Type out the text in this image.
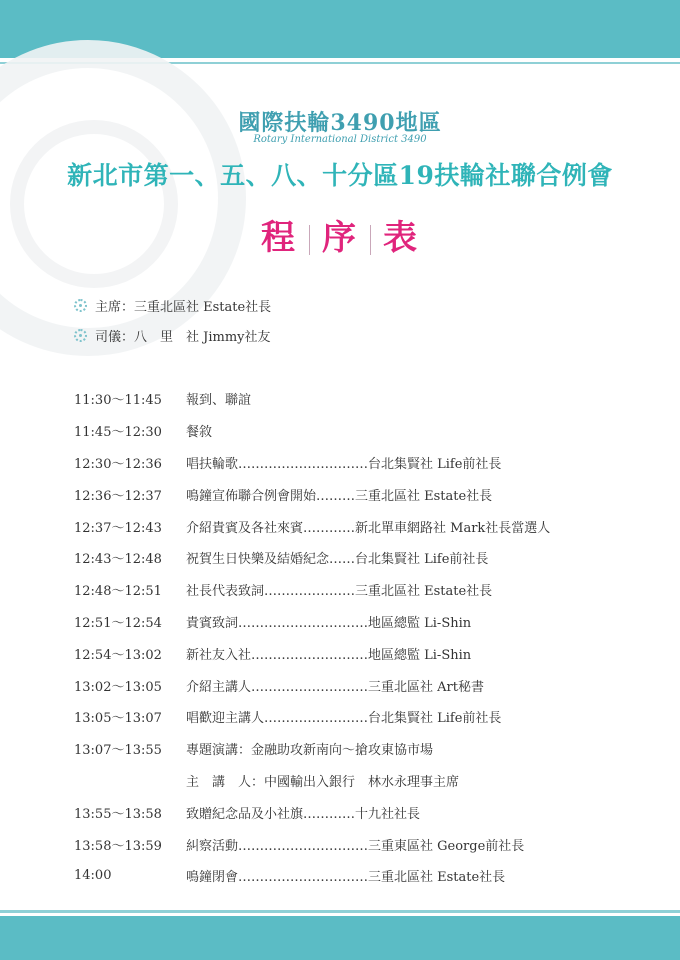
國際扶輪3490地區
Rotary International District 3490
新北市第一、五、八、十分區19扶輪社聯合例會
程 序 表
主席：三重北區社 Estate社長
司儀：八　里　社 Jimmy社友
11:30～11:45	報到、聯誼
11:45～12:30	餐敘
12:30～12:36	唱扶輪歌…………………………台北集賢社 Life前社長
12:36～12:37	鳴鐘宣佈聯合例會開始………三重北區社 Estate社長
12:37～12:43	介紹貴賓及各社來賓…………新北單車網路社 Mark社長當選人
12:43～12:48	祝賀生日快樂及結婚紀念……台北集賢社 Life前社長
12:48～12:51	社長代表致詞…………………三重北區社 Estate社長
12:51～12:54	貴賓致詞…………………………地區總監 Li-Shin
12:54～13:02	新社友入社………………………地區總監 Li-Shin
13:02～13:05	介紹主講人………………………三重北區社 Art秘書
13:05～13:07	唱歡迎主講人……………………台北集賢社 Life前社長
13:07～13:55	專題演講：金融助攻新南向～搶攻東協市場
主　講　人：中國輸出入銀行　林水永理事主席
13:55～13:58	致贈紀念品及小社旗…………十九社社長
13:58～13:59	糾察活動…………………………三重東區社 George前社長
14:00	鳴鐘閉會…………………………三重北區社 Estate社長
